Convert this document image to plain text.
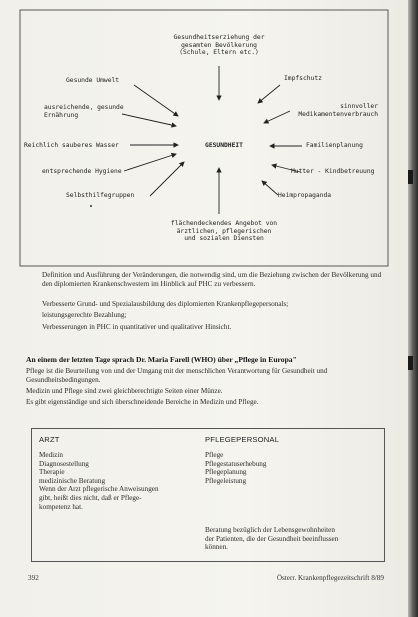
Gesundheitserziehung der
gesamten Bevölkerung
(Schule, Eltern etc.)
GESUNDHEIT
Gesunde Umwelt
ausreichende, gesunde
Ernährung
Reichlich sauberes Wasser
entsprechende Hygiene
Selbsthilfegruppen
Impfschutz
sinnvoller
Medikamentenverbrauch
Familienplanung
Mutter - Kindbetreuung
Heimpropaganda
flächendeckendes Angebot von
ärztlichen, pflegerischen
und sozialen Diensten
Definition und Ausführung der Veränderungen, die notwendig sind, um die Beziehung zwischen der Bevölkerung und den diplomierten Krankenschwestern im Hinblick auf PHC zu verbessern.
Verbesserte Grund- und Spezialausbildung des diplomierten Krankenpflegepersonals;
leistungsgerechte Bezahlung;
Verbesserungen in PHC in quantitativer und qualitativer Hinsicht.
An einem der letzten Tage sprach Dr. Maria Farell (WHO) über „Pflege in Europa"
Pflege ist die Beurteilung von und der Umgang mit der menschlichen Verantwortung für Gesundheit und Gesundheitsbedingungen.
Medizin und Pflege sind zwei gleichberechtigte Seiten einer Münze.
Es gibt eigenständige und sich überschneidende Bereiche in Medizin und Pflege.
ARZT	PFLEGEPERSONAL
Medizin
Diagnosestellung
Therapie
medizinische Beratung
Wenn der Arzt pflegerische Anweisungen
gibt, heißt dies nicht, daß er Pflege-
kompetenz hat.
Pflege
Pflegestatuserhebung
Pflegeplanung
Pflegeleistung
Beratung bezüglich der Lebensgewohnheiten
der Patienten, die der Gesundheit beeinflussen
können.
392	Österr. Krankenpflegezeitschrift 8/89
